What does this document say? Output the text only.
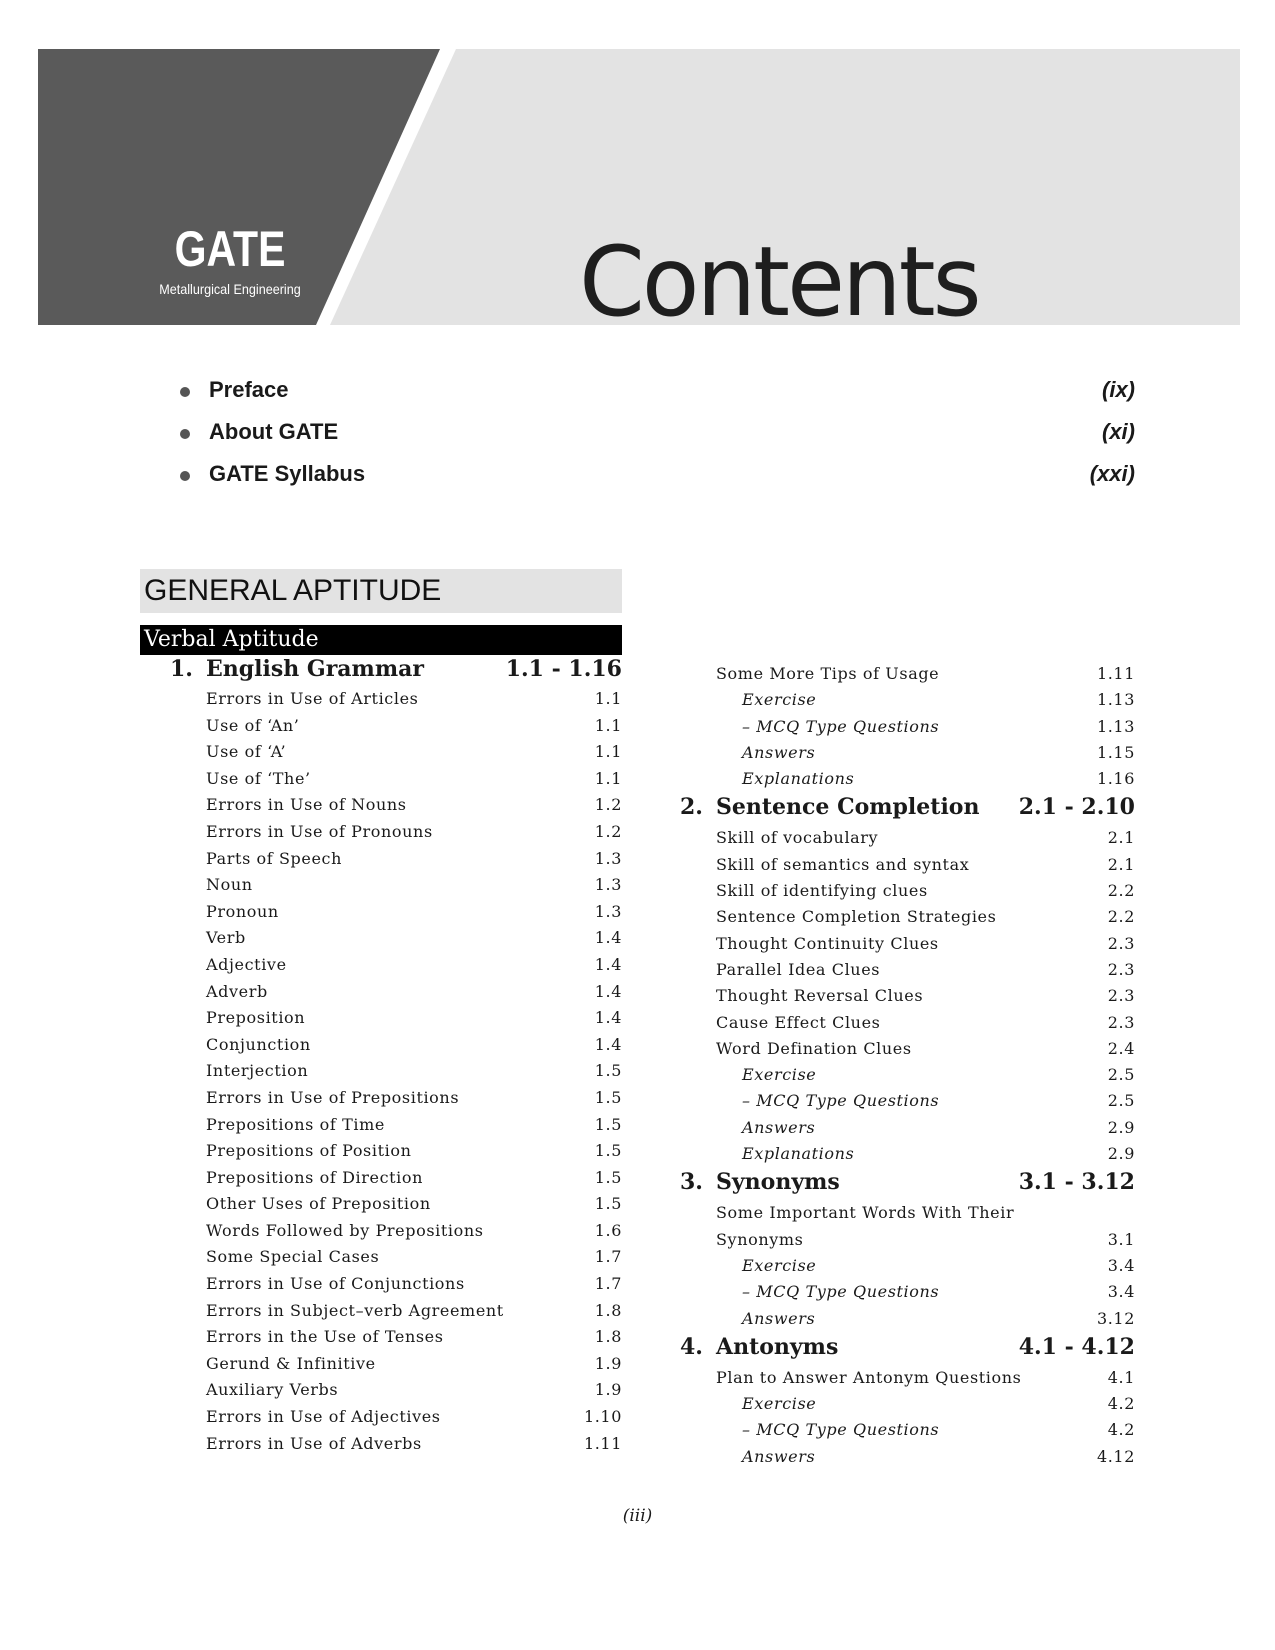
GATE
Metallurgical Engineering	Contents
Preface	(ix)
About GATE	(xi)
GATE Syllabus	(xxi)
GENERAL APTITUDE
Verbal Aptitude
1. English Grammar	1.1 - 1.16
Errors in Use of Articles	1.1
Use of ‘An’	1.1
Use of ‘A’	1.1
Use of ‘The’	1.1
Errors in Use of Nouns	1.2
Errors in Use of Pronouns	1.2
Parts of Speech	1.3
Noun	1.3
Pronoun	1.3
Verb	1.4
Adjective	1.4
Adverb	1.4
Preposition	1.4
Conjunction	1.4
Interjection	1.5
Errors in Use of Prepositions	1.5
Prepositions of Time	1.5
Prepositions of Position	1.5
Prepositions of Direction	1.5
Other Uses of Preposition	1.5
Words Followed by Prepositions	1.6
Some Special Cases	1.7
Errors in Use of Conjunctions	1.7
Errors in Subject–verb Agreement	1.8
Errors in the Use of Tenses	1.8
Gerund & Infinitive	1.9
Auxiliary Verbs	1.9
Errors in Use of Adjectives	1.10
Errors in Use of Adverbs	1.11
Some More Tips of Usage	1.11
Exercise	1.13
– MCQ Type Questions	1.13
Answers	1.15
Explanations	1.16
2. Sentence Completion 2.1 - 2.10
Skill of vocabulary	2.1
Skill of semantics and syntax	2.1
Skill of identifying clues	2.2
Sentence Completion Strategies	2.2
Thought Continuity Clues	2.3
Parallel Idea Clues	2.3
Thought Reversal Clues	2.3
Cause Effect Clues	2.3
Word Defination Clues	2.4
Exercise	2.5
– MCQ Type Questions	2.5
Answers	2.9
Explanations	2.9
3. Synonyms	3.1 - 3.12
Some Important Words With Their
Synonyms	3.1
Exercise	3.4
– MCQ Type Questions	3.4
Answers	3.12
4. Antonyms	4.1 - 4.12
Plan to Answer Antonym Questions	4.1
Exercise	4.2
– MCQ Type Questions	4.2
Answers	4.12
(iii)
